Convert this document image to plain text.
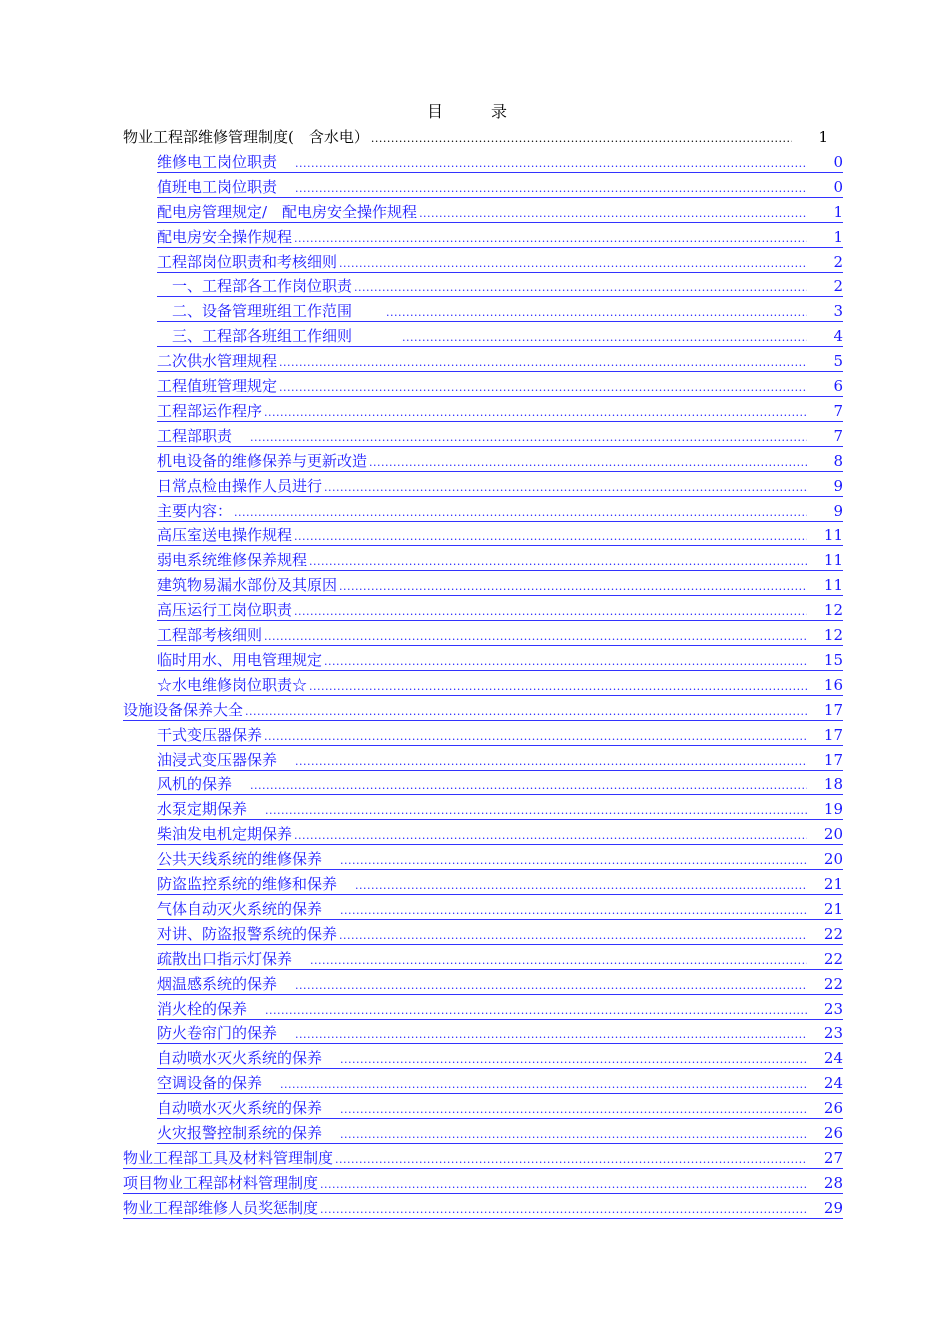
目　录
物业工程部维修管理制度(　含水电） .....	1
维修电工岗位职责 .....	0
值班电工岗位职责 .....	0
配电房管理规定/　配电房安全操作规程 .....	1
配电房安全操作规程 .....	1
工程部岗位职责和考核细则 .....	2
　一、工程部各工作岗位职责 .....	2
　二、设备管理班组工作范围 .....	3
　三、工程部各班组工作细则 .....	4
二次供水管理规程 .....	5
工程值班管理规定 .....	6
工程部运作程序 .....	7
工程部职责 .....	7
机电设备的维修保养与更新改造 .....	8
日常点检由操作人员进行 .....	9
主要内容： .....	9
高压室送电操作规程 .....	11
弱电系统维修保养规程 .....	11
建筑物易漏水部份及其原因 .....	11
高压运行工岗位职责 .....	12
工程部考核细则 .....	12
临时用水、用电管理规定 .....	15
☆水电维修岗位职责☆ .....	16
设施设备保养大全 .....	17
干式变压器保养 .....	17
油浸式变压器保养 .....	17
风机的保养 .....	18
水泵定期保养 .....	19
柴油发电机定期保养 .....	20
公共天线系统的维修保养 .....	20
防盗监控系统的维修和保养 .....	21
气体自动灭火系统的保养 .....	21
对讲、防盗报警系统的保养 .....	22
疏散出口指示灯保养 .....	22
烟温感系统的保养 .....	22
消火栓的保养 .....	23
防火卷帘门的保养 .....	23
自动喷水灭火系统的保养 .....	24
空调设备的保养 .....	24
自动喷水灭火系统的保养 .....	26
火灾报警控制系统的保养 .....	26
物业工程部工具及材料管理制度 .....	27
项目物业工程部材料管理制度 .....	28
物业工程部维修人员奖惩制度 .....	29
